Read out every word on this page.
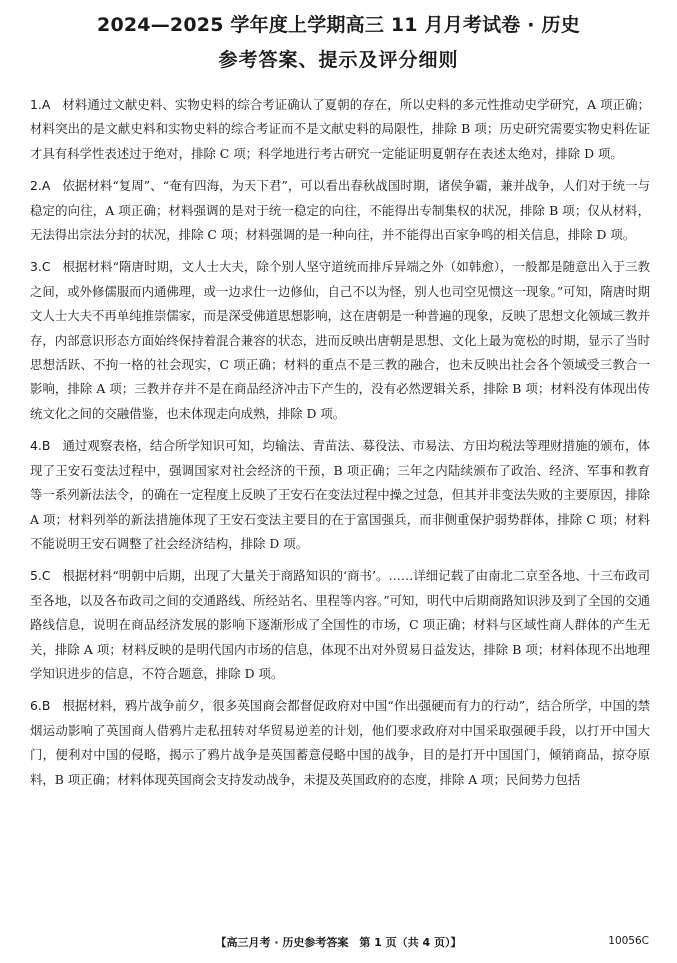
2024—2025 学年度上学期高三 11 月月考试卷 · 历史
参考答案、提示及评分细则

1.A 材料通过文献史料、实物史料的综合考证确认了夏朝的存在，所以史料的多元性推动史学研究，A 项正确；材料突出的是文献史料和实物史料的综合考证而不是文献史料的局限性，排除 B 项；历史研究需要实物史料佐证才具有科学性表述过于绝对，排除 C 项；科学地进行考古研究一定能证明夏朝存在表述太绝对，排除 D 项。

2.A 依据材料“复周”、“奄有四海，为天下君”，可以看出春秋战国时期，诸侯争霸，兼并战争，人们对于统一与稳定的向往，A 项正确；材料强调的是对于统一稳定的向往，不能得出专制集权的状况，排除 B 项；仅从材料，无法得出宗法分封的状况，排除 C 项；材料强调的是一种向往，并不能得出百家争鸣的相关信息，排除 D 项。

3.C 根据材料“隋唐时期，文人士大夫，除个别人坚守道统而排斥异端之外（如韩愈），一般都是随意出入于三教之间，或外修儒服而内通佛理，或一边求仕一边修仙，自己不以为怪，别人也司空见惯这一现象。”可知，隋唐时期文人士大夫不再单纯推崇儒家，而是深受佛道思想影响，这在唐朝是一种普遍的现象，反映了思想文化领域三教并存，内部意识形态方面始终保持着混合兼容的状态，进而反映出唐朝是思想、文化上最为宽松的时期，显示了当时思想活跃、不拘一格的社会现实，C 项正确；材料的重点不是三教的融合，也未反映出社会各个领域受三教合一影响，排除 A 项；三教并存并不是在商品经济冲击下产生的，没有必然逻辑关系，排除 B 项；材料没有体现出传统文化之间的交融借鉴，也未体现走向成熟，排除 D 项。

4.B 通过观察表格，结合所学知识可知，均输法、青苗法、募役法、市易法、方田均税法等理财措施的颁布，体现了王安石变法过程中，强调国家对社会经济的干预，B 项正确；三年之内陆续颁布了政治、经济、军事和教育等一系列新法法令，的确在一定程度上反映了王安石在变法过程中操之过急，但其并非变法失败的主要原因，排除 A 项；材料列举的新法措施体现了王安石变法主要目的在于富国强兵，而非侧重保护弱势群体，排除 C 项；材料不能说明王安石调整了社会经济结构，排除 D 项。

5.C 根据材料“明朝中后期，出现了大量关于商路知识的‘商书’。……详细记载了由南北二京至各地、十三布政司至各地，以及各布政司之间的交通路线、所经站名、里程等内容。”可知，明代中后期商路知识涉及到了全国的交通路线信息，说明在商品经济发展的影响下逐渐形成了全国性的市场，C 项正确；材料与区域性商人群体的产生无关，排除 A 项；材料反映的是明代国内市场的信息，体现不出对外贸易日益发达，排除 B 项；材料体现不出地理学知识进步的信息，不符合题意，排除 D 项。

6.B 根据材料，鸦片战争前夕，很多英国商会都督促政府对中国“作出强硬而有力的行动”，结合所学，中国的禁烟运动影响了英国商人借鸦片走私扭转对华贸易逆差的计划，他们要求政府对中国采取强硬手段，以打开中国大门，便利对中国的侵略，揭示了鸦片战争是英国蓄意侵略中国的战争，目的是打开中国国门，倾销商品，掠夺原料，B 项正确；材料体现英国商会支持发动战争，未提及英国政府的态度，排除 A 项；民间势力包括

【高三月考 · 历史参考答案　第 1 页（共 4 页）】	10056C
